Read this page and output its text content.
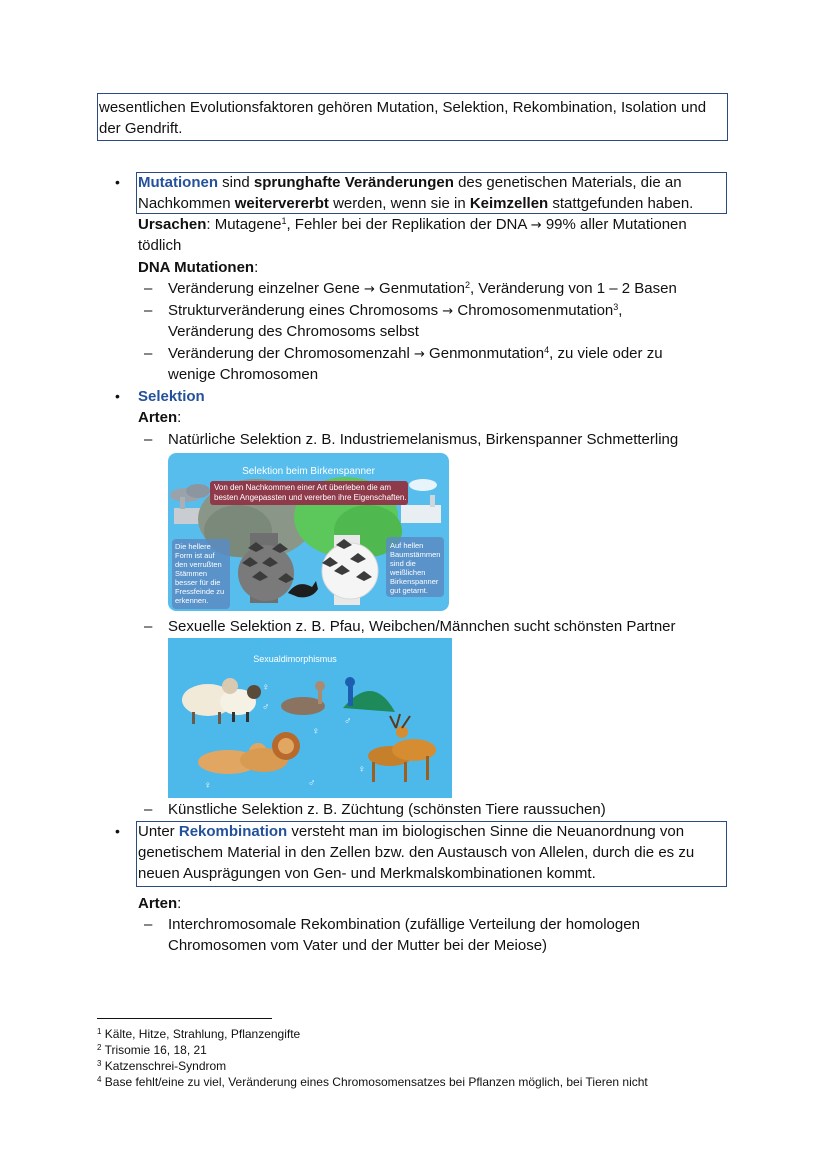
wesentlichen Evolutionsfaktoren gehören Mutation, Selektion, Rekombination, Isolation und
der Gendrift.
• Mutationen sind sprunghafte Veränderungen des genetischen Materials, die an
Nachkommen weitervererbt werden, wenn sie in Keimzellen stattgefunden haben.
Ursachen: Mutagene$^1$, Fehler bei der Replikation der DNA → 99% aller Mutationen
tödlich
DNA Mutationen:
– Veränderung einzelner Gene → Genmutation$^2$, Veränderung von 1 – 2 Basen
– Strukturveränderung eines Chromosoms → Chromosomenmutation$^3$,
Veränderung des Chromosoms selbst
– Veränderung der Chromosomenzahl → Genmonmutation$^4$, zu viele oder zu
wenige Chromosomen
• Selektion
Arten:
– Natürliche Selektion z. B. Industriemelanismus, Birkenspanner Schmetterling
Selektion beim Birkenspanner
Von den Nachkommen einer Art überleben die am
besten Angepassten und vererben ihre Eigenschaften.
Die hellere
Form ist auf
den verrußten
Stämmen
besser für die
Fressfeinde zu
erkennen.
Auf hellen
Baumstämmen
sind die
weißlichen
Birkenspanner
gut getarnt.
– Sexuelle Selektion z. B. Pfau, Weibchen/Männchen sucht schönsten Partner
Sexualdimorphismus
♀
♂
♀
♂
♀	♂
♀
– Künstliche Selektion z. B. Züchtung (schönsten Tiere raussuchen)
• Unter Rekombination versteht man im biologischen Sinne die Neuanordnung von
genetischem Material in den Zellen bzw. den Austausch von Allelen, durch die es zu
neuen Ausprägungen von Gen- und Merkmalskombinationen kommt.
Arten:
– Interchromosomale Rekombination (zufällige Verteilung der homologen
Chromosomen vom Vater und der Mutter bei der Meiose)
$^1$ Kälte, Hitze, Strahlung, Pflanzengifte
$^2$ Trisomie 16, 18, 21
$^3$ Katzenschrei-Syndrom
$^4$ Base fehlt/eine zu viel, Veränderung eines Chromosomensatzes bei Pflanzen möglich, bei Tieren nicht
